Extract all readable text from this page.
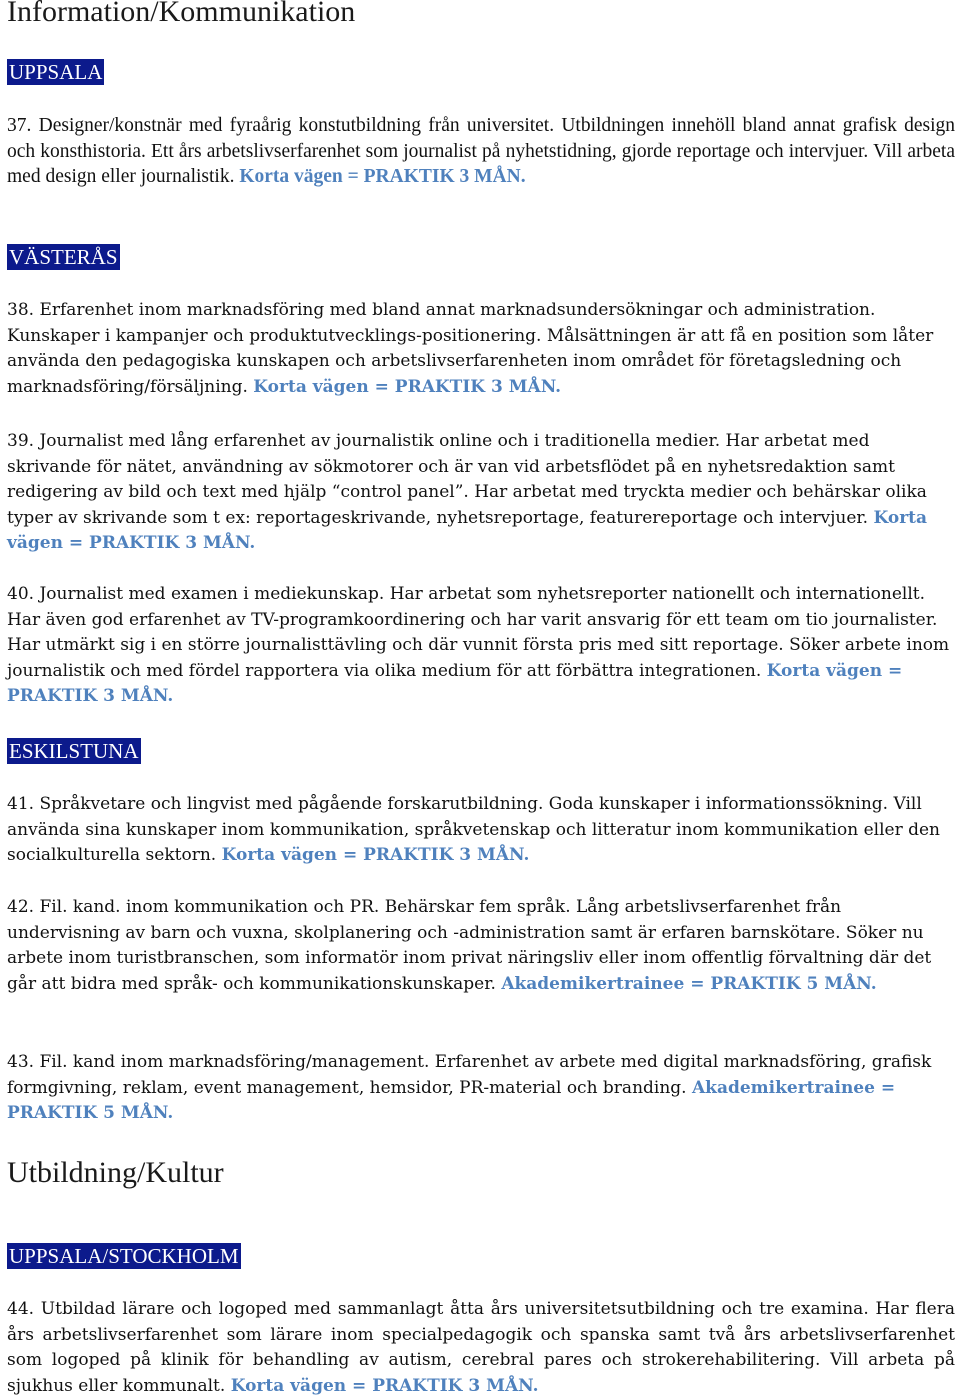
Information/Kommunikation
UPPSALA
37. Designer/konstnär med fyraårig konstutbildning från universitet. Utbildningen innehöll bland annat grafisk design och konsthistoria. Ett års arbetslivserfarenhet som journalist på nyhetstidning, gjorde reportage och intervjuer. Vill arbeta med design eller journalistik. Korta vägen = PRAKTIK 3 MÅN.
VÄSTERÅS
38. Erfarenhet inom marknadsföring med bland annat marknadsundersökningar och administration. Kunskaper i kampanjer och produktutvecklings-positionering. Målsättningen är att få en position som låter använda den pedagogiska kunskapen och arbetslivserfarenheten inom området för företagsledning och marknadsföring/försäljning. Korta vägen = PRAKTIK 3 MÅN.
39. Journalist med lång erfarenhet av journalistik online och i traditionella medier. Har arbetat med skrivande för nätet, användning av sökmotorer och är van vid arbetsflödet på en nyhetsredaktion samt redigering av bild och text med hjälp “control panel”. Har arbetat med tryckta medier och behärskar olika typer av skrivande som t ex: reportageskrivande, nyhetsreportage, featurereportage och intervjuer. Korta vägen = PRAKTIK 3 MÅN.
40. Journalist med examen i mediekunskap. Har arbetat som nyhetsreporter nationellt och internationellt. Har även god erfarenhet av TV-programkoordinering och har varit ansvarig för ett team om tio journalister. Har utmärkt sig i en större journalisttävling och där vunnit första pris med sitt reportage. Söker arbete inom journalistik och med fördel rapportera via olika medium för att förbättra integrationen. Korta vägen = PRAKTIK 3 MÅN.
ESKILSTUNA
41. Språkvetare och lingvist med pågående forskarutbildning. Goda kunskaper i informationssökning. Vill använda sina kunskaper inom kommunikation, språkvetenskap och litteratur inom kommunikation eller den socialkulturella sektorn. Korta vägen = PRAKTIK 3 MÅN.
42. Fil. kand. inom kommunikation och PR. Behärskar fem språk. Lång arbetslivserfarenhet från undervisning av barn och vuxna, skolplanering och -administration samt är erfaren barnskötare. Söker nu arbete inom turistbranschen, som informatör inom privat näringsliv eller inom offentlig förvaltning där det går att bidra med språk- och kommunikationskunskaper. Akademikertrainee = PRAKTIK 5 MÅN.
43. Fil. kand inom marknadsföring/management. Erfarenhet av arbete med digital marknadsföring, grafisk formgivning, reklam, event management, hemsidor, PR-material och branding. Akademikertrainee = PRAKTIK 5 MÅN.
Utbildning/Kultur
UPPSALA/STOCKHOLM
44. Utbildad lärare och logoped med sammanlagt åtta års universitetsutbildning och tre examina. Har flera års arbetslivserfarenhet som lärare inom specialpedagogik och spanska samt två års arbetslivserfarenhet som logoped på klinik för behandling av autism, cerebral pares och strokerehabilitering. Vill arbeta på sjukhus eller kommunalt. Korta vägen = PRAKTIK 3 MÅN.
